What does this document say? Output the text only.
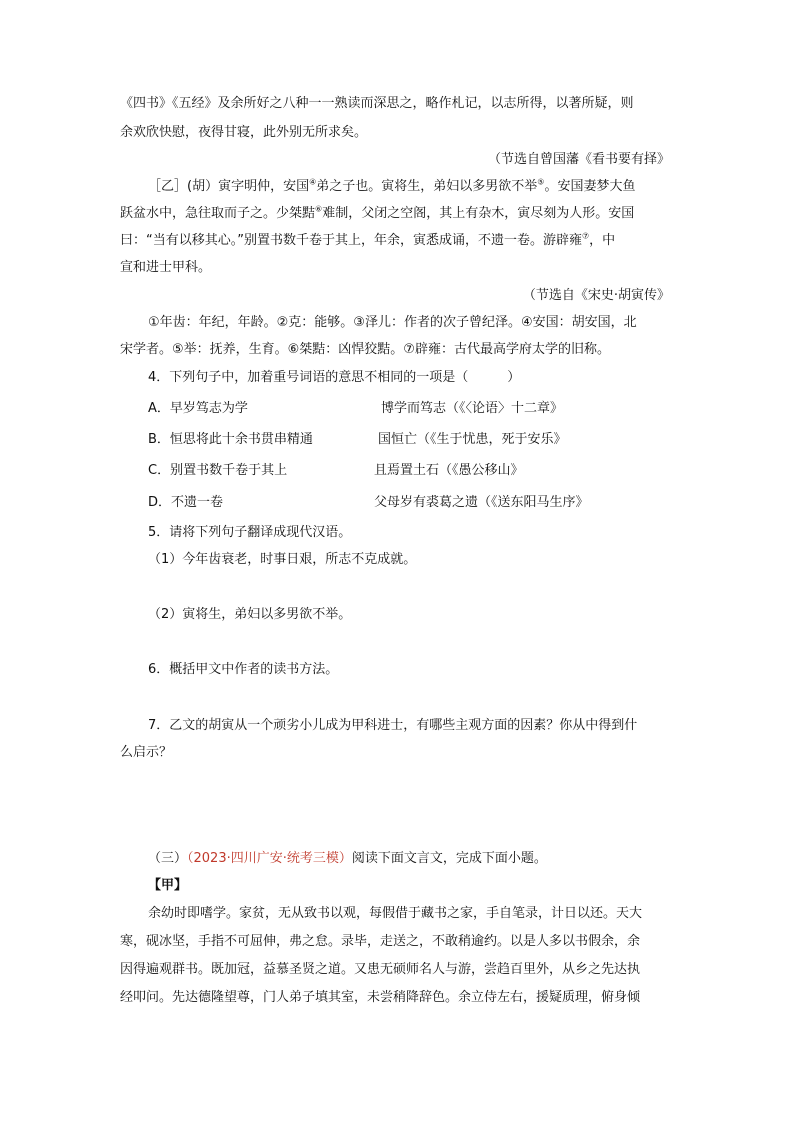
《四书》《五经》及余所好之八种一一熟读而深思之，略作札记，以志所得，以著所疑，则
余欢欣快慰，夜得甘寝，此外别无所求矣。
（节选自曾国藩《看书要有择》
［乙］(胡）寅字明仲，安国④弟之子也。寅将生，弟妇以多男欲不举⑤。安国妻梦大鱼
跃盆水中，急往取而子之。少桀黠⑥难制，父闭之空阁，其上有杂木，寅尽刻为人形。安国
曰：“当有以移其心。”别置书数千卷于其上，年余，寅悉成诵，不遗一卷。游辟雍⑦，中
宣和进士甲科。
（节选自《宋史·胡寅传》
①年齿：年纪，年龄。②克：能够。③泽儿：作者的次子曾纪泽。④安国：胡安国，北
宋学者。⑤举：抚养，生育。⑥桀黠：凶悍狡黠。⑦辟雍：古代最高学府太学的旧称。
4．下列句子中，加着重号词语的意思不相同的一项是（　　　）
A．早岁笃志为学	博学而笃志（《〈论语〉十二章》
B．恒思将此十余书贯串精通	国恒亡（《生于忧患，死于安乐》
C．别置书数千卷于其上	且焉置土石（《愚公移山》
D．不遗一卷	父母岁有裘葛之遗（《送东阳马生序》
5．请将下列句子翻译成现代汉语。
（1）今年齿衰老，时事日艰，所志不克成就。
（2）寅将生，弟妇以多男欲不举。
6．概括甲文中作者的读书方法。
7．乙文的胡寅从一个顽劣小儿成为甲科进士，有哪些主观方面的因素？你从中得到什
么启示？
（三）（2023·四川广安·统考三模）阅读下面文言文，完成下面小题。
【甲】
余幼时即嗜学。家贫，无从致书以观，每假借于藏书之家，手自笔录，计日以还。天大
寒，砚冰坚，手指不可屈伸，弗之怠。录毕，走送之，不敢稍逾约。以是人多以书假余，余
因得遍观群书。既加冠，益慕圣贤之道。又患无硕师名人与游，尝趋百里外，从乡之先达执
经叩问。先达德隆望尊，门人弟子填其室，未尝稍降辞色。余立侍左右，援疑质理，俯身倾
